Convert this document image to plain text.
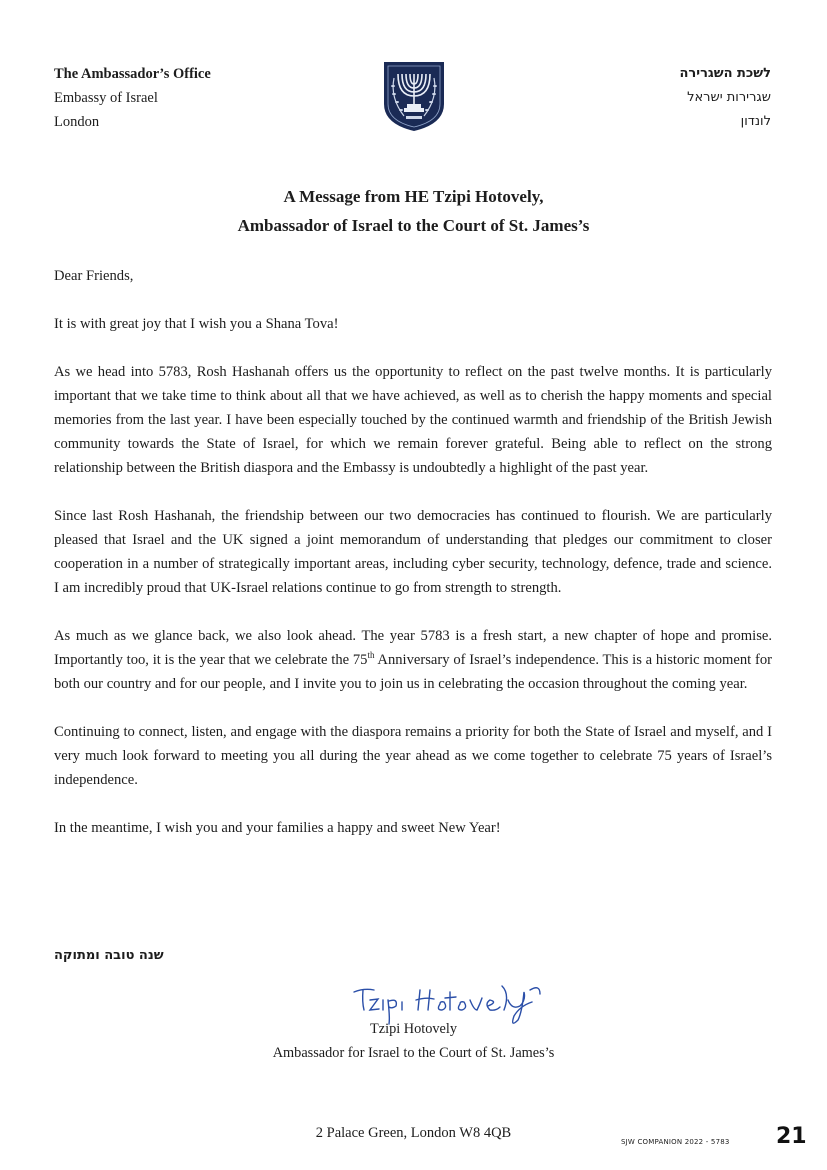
The Ambassador’s Office
Embassy of Israel
London
לשכת השגרירה
שגרירות ישראל
לונדון
A Message from HE Tzipi Hotovely,
Ambassador of Israel to the Court of St. James’s

Dear Friends,

It is with great joy that I wish you a Shana Tova!

As we head into 5783, Rosh Hashanah offers us the opportunity to reflect on the past twelve months. It is particularly important that we take time to think about all that we have achieved, as well as to cherish the happy moments and special memories from the last year. I have been especially touched by the continued warmth and friendship of the British Jewish community towards the State of Israel, for which we remain forever grateful. Being able to reflect on the strong relationship between the British diaspora and the Embassy is undoubtedly a highlight of the past year.

Since last Rosh Hashanah, the friendship between our two democracies has continued to flourish. We are particularly pleased that Israel and the UK signed a joint memorandum of understanding that pledges our commitment to closer cooperation in a number of strategically important areas, including cyber security, technology, defence, trade and science. I am incredibly proud that UK-Israel relations continue to go from strength to strength.

As much as we glance back, we also look ahead. The year 5783 is a fresh start, a new chapter of hope and promise. Importantly too, it is the year that we celebrate the 75th Anniversary of Israel’s independence. This is a historic moment for both our country and for our people, and I invite you to join us in celebrating the occasion throughout the coming year.

Continuing to connect, listen, and engage with the diaspora remains a priority for both the State of Israel and myself, and I very much look forward to meeting you all during the year ahead as we come together to celebrate 75 years of Israel’s independence.

In the meantime, I wish you and your families a happy and sweet New Year!

שנה טובה ומתוקה
Tzipi Hotovely
Ambassador for Israel to the Court of St. James’s
2 Palace Green, London W8 4QB
SJW COMPANION 2022 - 5783 21
